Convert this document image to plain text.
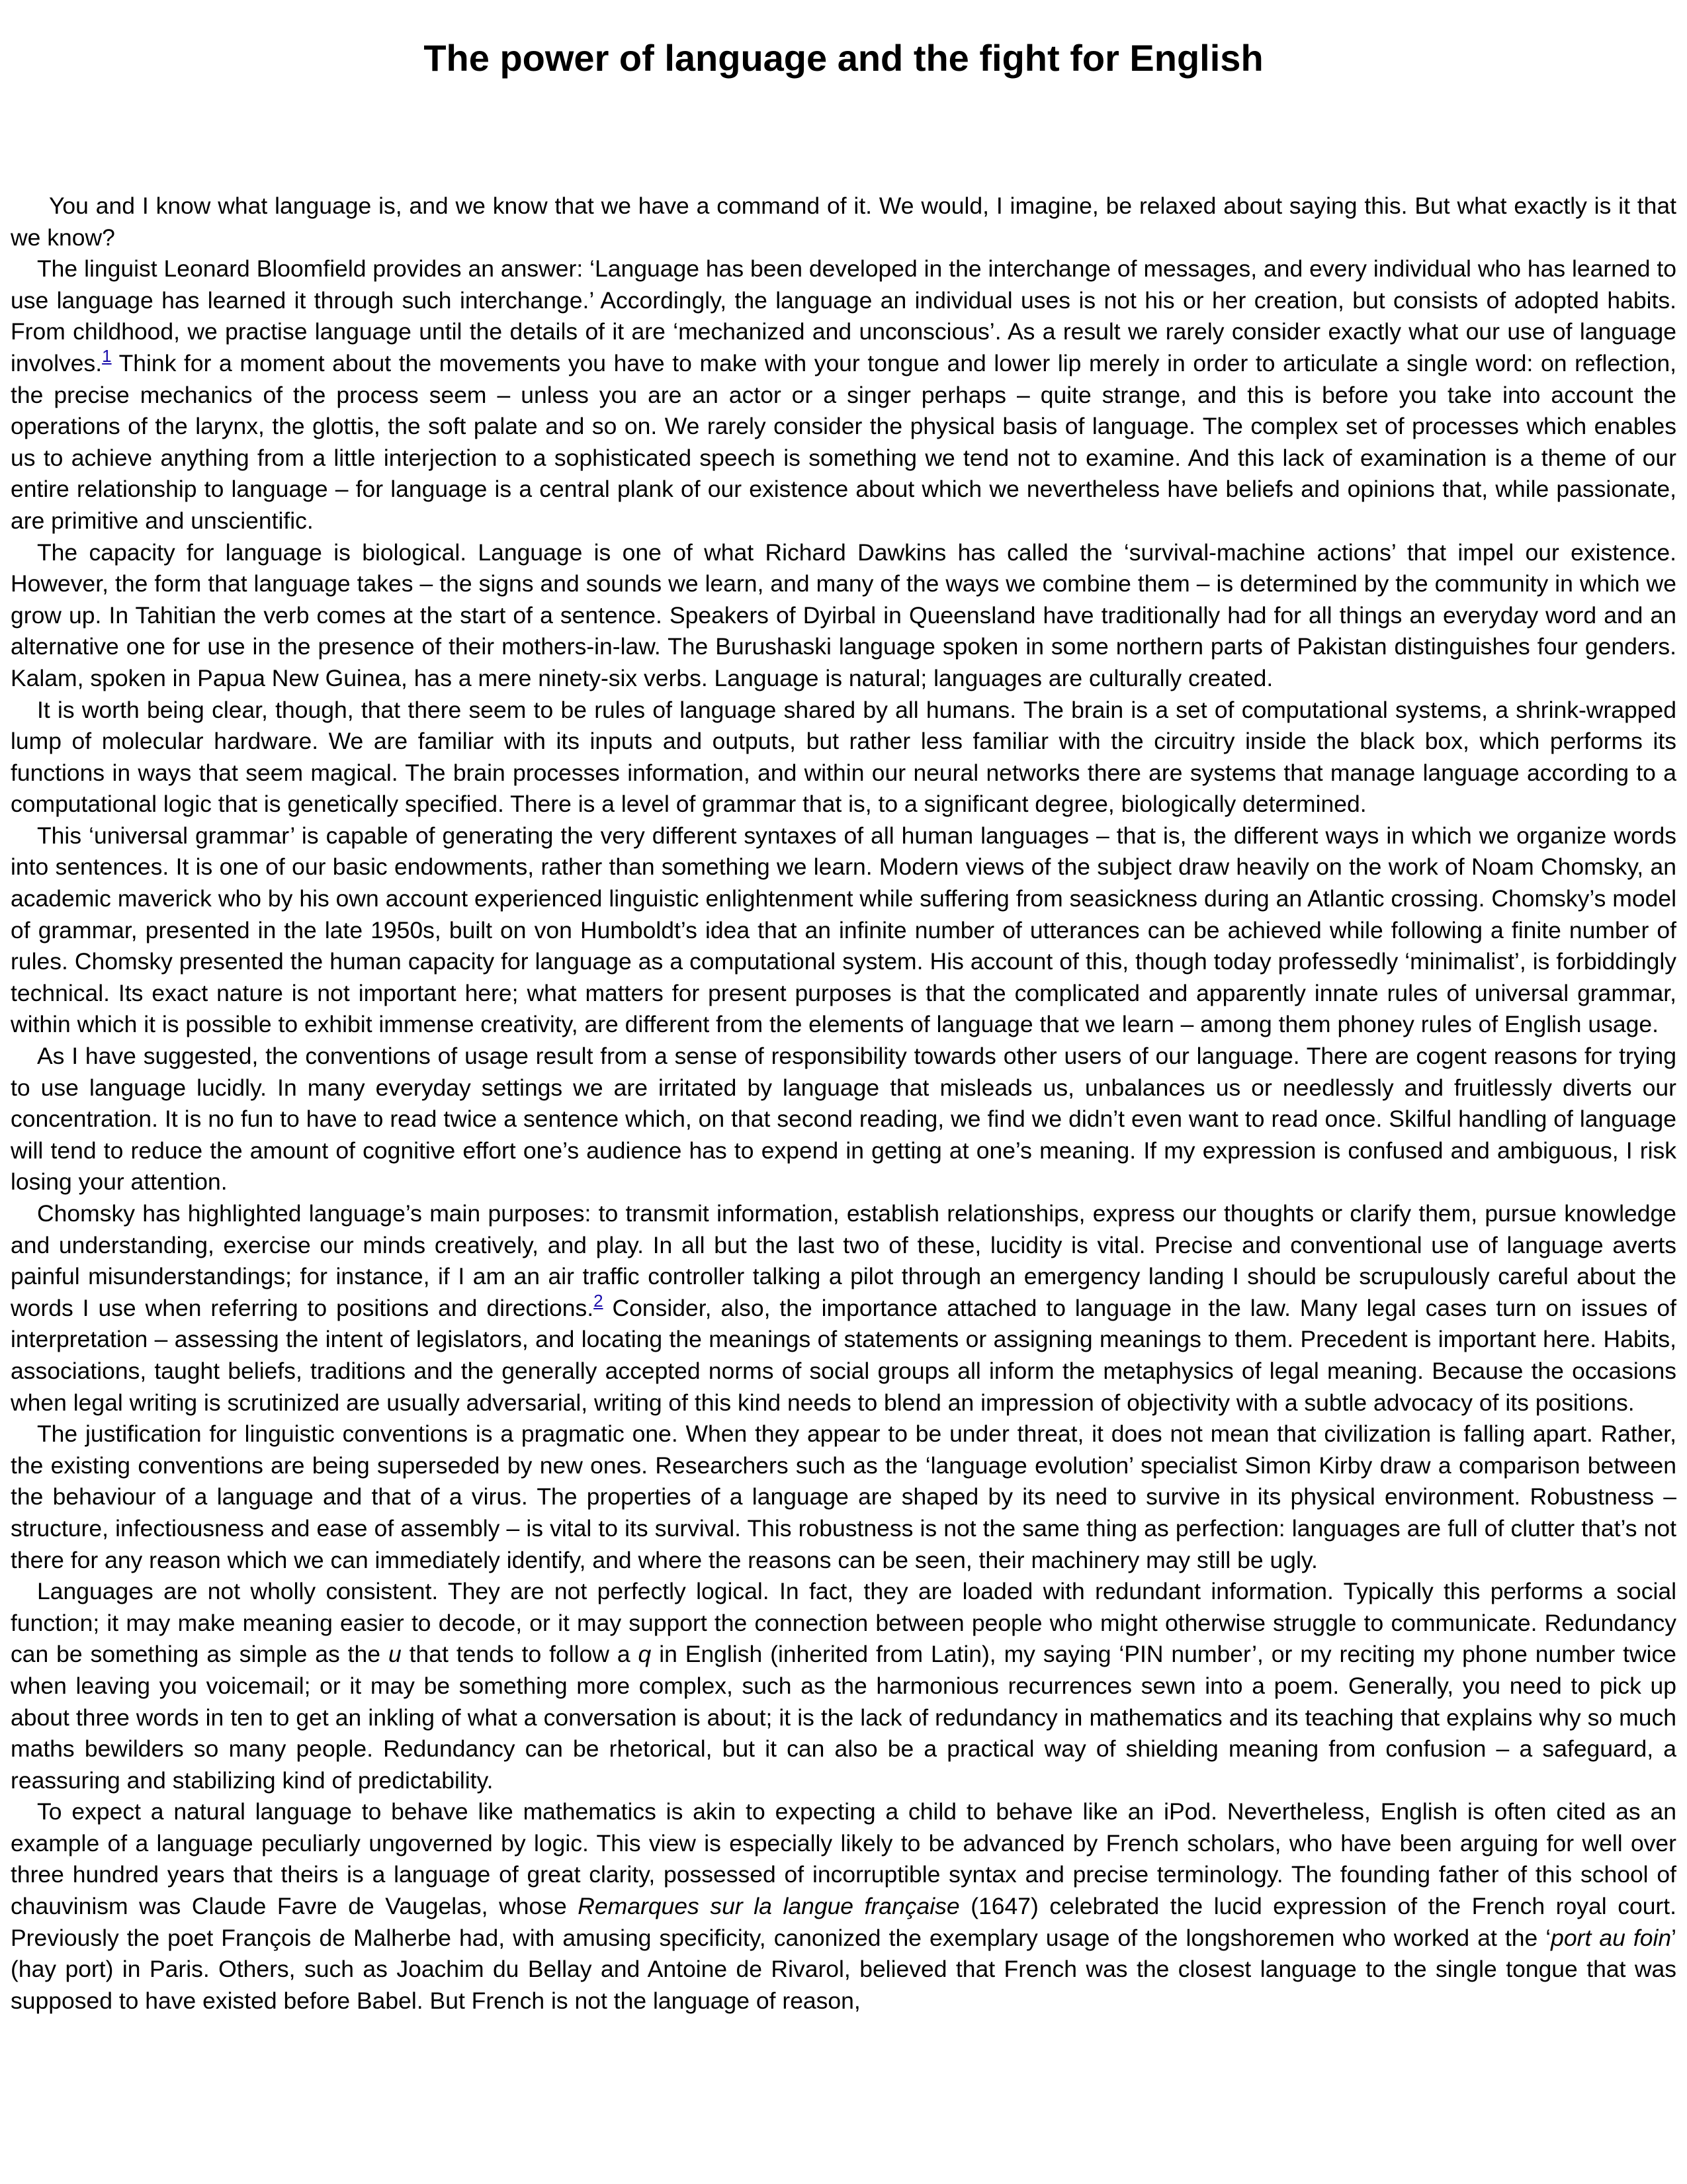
The power of language and the fight for English

You and I know what language is, and we know that we have a command of it. We would, I imagine, be relaxed about saying this. But what exactly is it that we know?

The linguist Leonard Bloomfield provides an answer: ‘Language has been developed in the interchange of messages, and every individual who has learned to use language has learned it through such interchange.’ Accordingly, the language an individual uses is not his or her creation, but consists of adopted habits. From childhood, we practise language until the details of it are ‘mechanized and unconscious’. As a result we rarely consider exactly what our use of language involves.$^1$ Think for a moment about the movements you have to make with your tongue and lower lip merely in order to articulate a single word: on reflection, the precise mechanics of the process seem – unless you are an actor or a singer perhaps – quite strange, and this is before you take into account the operations of the larynx, the glottis, the soft palate and so on. We rarely consider the physical basis of language. The complex set of processes which enables us to achieve anything from a little interjection to a sophisticated speech is something we tend not to examine. And this lack of examination is a theme of our entire relationship to language – for language is a central plank of our existence about which we nevertheless have beliefs and opinions that, while passionate, are primitive and unscientific.

The capacity for language is biological. Language is one of what Richard Dawkins has called the ‘survival-machine actions’ that impel our existence. However, the form that language takes – the signs and sounds we learn, and many of the ways we combine them – is determined by the community in which we grow up. In Tahitian the verb comes at the start of a sentence. Speakers of Dyirbal in Queensland have traditionally had for all things an everyday word and an alternative one for use in the presence of their mothers-in-law. The Burushaski language spoken in some northern parts of Pakistan distinguishes four genders. Kalam, spoken in Papua New Guinea, has a mere ninety-six verbs. Language is natural; languages are culturally created.

It is worth being clear, though, that there seem to be rules of language shared by all humans. The brain is a set of computational systems, a shrink-wrapped lump of molecular hardware. We are familiar with its inputs and outputs, but rather less familiar with the circuitry inside the black box, which performs its functions in ways that seem magical. The brain processes information, and within our neural networks there are systems that manage language according to a computational logic that is genetically specified. There is a level of grammar that is, to a significant degree, biologically determined.

This ‘universal grammar’ is capable of generating the very different syntaxes of all human languages – that is, the different ways in which we organize words into sentences. It is one of our basic endowments, rather than something we learn. Modern views of the subject draw heavily on the work of Noam Chomsky, an academic maverick who by his own account experienced linguistic enlightenment while suffering from seasickness during an Atlantic crossing. Chomsky’s model of grammar, presented in the late 1950s, built on von Humboldt’s idea that an infinite number of utterances can be achieved while following a finite number of rules. Chomsky presented the human capacity for language as a computational system. His account of this, though today professedly ‘minimalist’, is forbiddingly technical. Its exact nature is not important here; what matters for present purposes is that the complicated and apparently innate rules of universal grammar, within which it is possible to exhibit immense creativity, are different from the elements of language that we learn – among them phoney rules of English usage.

As I have suggested, the conventions of usage result from a sense of responsibility towards other users of our language. There are cogent reasons for trying to use language lucidly. In many everyday settings we are irritated by language that misleads us, unbalances us or needlessly and fruitlessly diverts our concentration. It is no fun to have to read twice a sentence which, on that second reading, we find we didn’t even want to read once. Skilful handling of language will tend to reduce the amount of cognitive effort one’s audience has to expend in getting at one’s meaning. If my expression is confused and ambiguous, I risk losing your attention.

Chomsky has highlighted language’s main purposes: to transmit information, establish relationships, express our thoughts or clarify them, pursue knowledge and understanding, exercise our minds creatively, and play. In all but the last two of these, lucidity is vital. Precise and conventional use of language averts painful misunderstandings; for instance, if I am an air traffic controller talking a pilot through an emergency landing I should be scrupulously careful about the words I use when referring to positions and directions.$^2$ Consider, also, the importance attached to language in the law. Many legal cases turn on issues of interpretation – assessing the intent of legislators, and locating the meanings of statements or assigning meanings to them. Precedent is important here. Habits, associations, taught beliefs, traditions and the generally accepted norms of social groups all inform the metaphysics of legal meaning. Because the occasions when legal writing is scrutinized are usually adversarial, writing of this kind needs to blend an impression of objectivity with a subtle advocacy of its positions.

The justification for linguistic conventions is a pragmatic one. When they appear to be under threat, it does not mean that civilization is falling apart. Rather, the existing conventions are being superseded by new ones. Researchers such as the ‘language evolution’ specialist Simon Kirby draw a comparison between the behaviour of a language and that of a virus. The properties of a language are shaped by its need to survive in its physical environment. Robustness – structure, infectiousness and ease of assembly – is vital to its survival. This robustness is not the same thing as perfection: languages are full of clutter that’s not there for any reason which we can immediately identify, and where the reasons can be seen, their machinery may still be ugly.

Languages are not wholly consistent. They are not perfectly logical. In fact, they are loaded with redundant information. Typically this performs a social function; it may make meaning easier to decode, or it may support the connection between people who might otherwise struggle to communicate. Redundancy can be something as simple as the u that tends to follow a q in English (inherited from Latin), my saying ‘PIN number’, or my reciting my phone number twice when leaving you voicemail; or it may be something more complex, such as the harmonious recurrences sewn into a poem. Generally, you need to pick up about three words in ten to get an inkling of what a conversation is about; it is the lack of redundancy in mathematics and its teaching that explains why so much maths bewilders so many people. Redundancy can be rhetorical, but it can also be a practical way of shielding meaning from confusion – a safeguard, a reassuring and stabilizing kind of predictability.

To expect a natural language to behave like mathematics is akin to expecting a child to behave like an iPod. Nevertheless, English is often cited as an example of a language peculiarly ungoverned by logic. This view is especially likely to be advanced by French scholars, who have been arguing for well over three hundred years that theirs is a language of great clarity, possessed of incorruptible syntax and precise terminology. The founding father of this school of chauvinism was Claude Favre de Vaugelas, whose Remarques sur la langue française (1647) celebrated the lucid expression of the French royal court. Previously the poet François de Malherbe had, with amusing specificity, canonized the exemplary usage of the longshoremen who worked at the ‘port au foin’ (hay port) in Paris. Others, such as Joachim du Bellay and Antoine de Rivarol, believed that French was the closest language to the single tongue that was supposed to have existed before Babel. But French is not the language of reason,
